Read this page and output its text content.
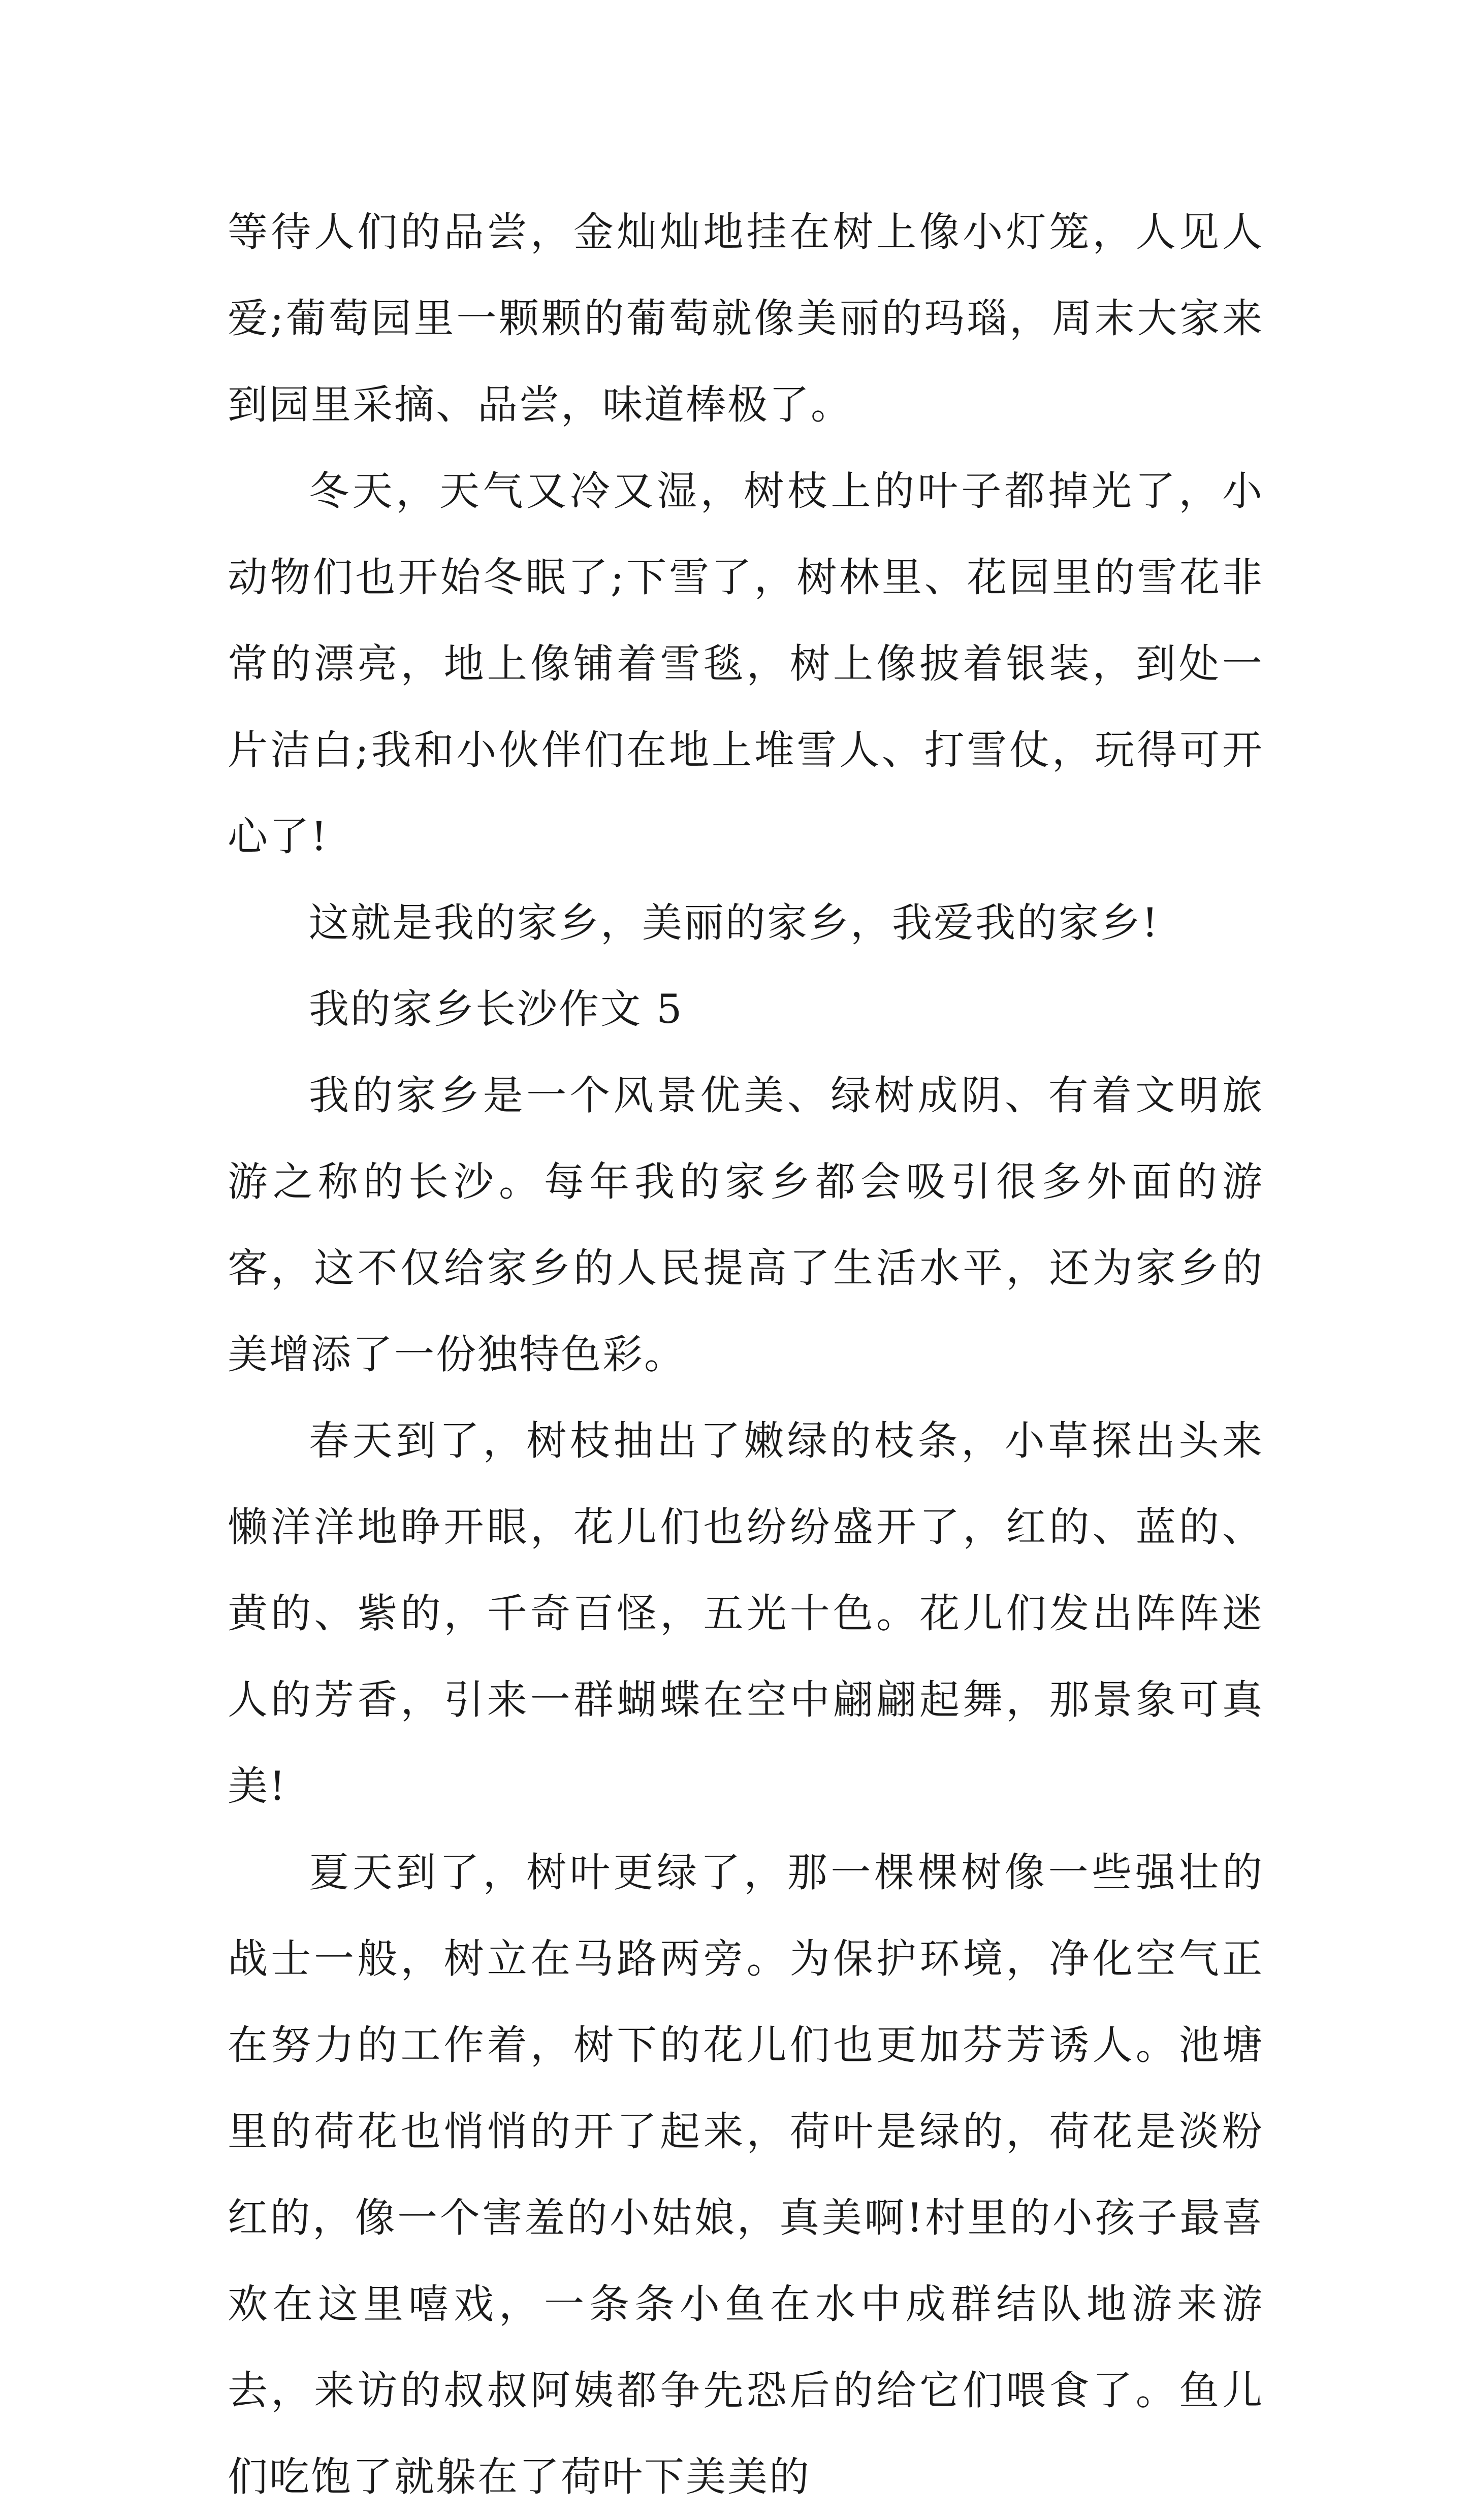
等待人们的品尝，金灿灿地挂在树上像小灯笼，人见人爱;葡萄园里一颗颗的葡萄就像美丽的玛瑙，周末大家来到园里采摘、品尝，味道棒极了。

冬天，天气又冷又湿，树枝上的叶子都掉光了，小动物们也开始冬眠了;下雪了，树林里、花园里的雪花非常的漂亮，地上像铺着雪毯，树上像披着银装，到处一片洁白;我和小伙伴们在地上堆雪人、打雪仗，玩得可开心了!

这就是我的家乡，美丽的家乡，我爱我的家乡!

我的家乡长沙作文 5

我的家乡是一个风景优美、绿树成阴、有着文明旅游之称的长沙。每年我的家乡都会吸引很多外面的游客，这不仅给家乡的人民提高了生活水平，还为家乡的美增添了一份独特色彩。

春天到了，树枝抽出了嫩绿的枝条，小草探出头来懒洋洋地睁开眼，花儿们也纷纷盛开了，红的、蓝的、黄的、紫的，千奇百怪，五光十色。花儿们发出阵阵迷人的芳香，引来一群蝴蝶在空中翩翩起舞，那景象可真美!

夏天到了，树叶更绿了，那一棵棵树像一些强壮的战士一般，树立在马路两旁。为保护环境，净化空气正在努力的工作着，树下的花儿们也更加芬芳诱人。池塘里的荷花也悄悄的开了起来，荷叶是绿的，荷花是淡粉红的，像一个害羞的小姑娘，真美啊!村里的小孩子最喜欢在这里嘻戏，一条条小鱼在水中成群结队地游来游去，来访的叔叔阿姨都争先恐后的给它们喂食了。鱼儿们吃饱了就躲在了荷叶下美美的
